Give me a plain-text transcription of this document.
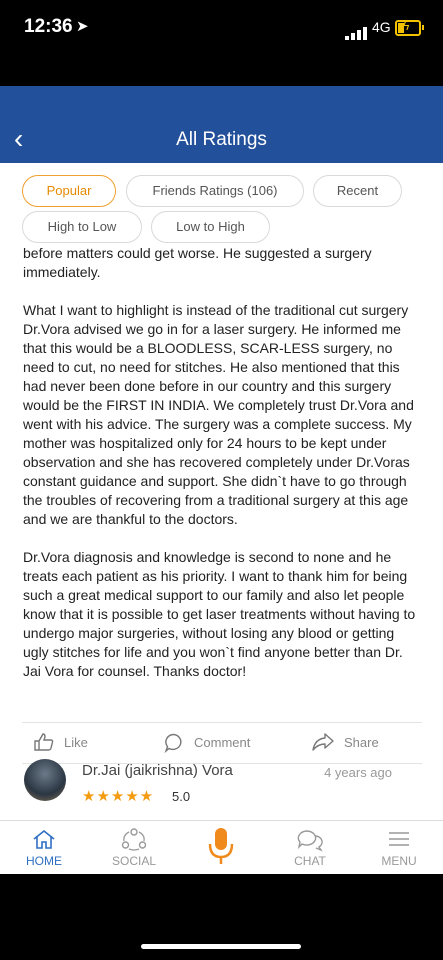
12:36 ➤	4G ϟ
‹	All Ratings
Popular	Friends Ratings (106)	Recent
High to Low	Low to High
before matters could get worse. He suggested a surgery

immediately.

What I want to highlight is instead of the traditional cut surgery Dr.Vora advised we go in for a laser surgery. He informed me that this would be a BLOODLESS, SCAR-LESS surgery, no need to cut, no need for stitches. He also mentioned that this had never been done before in our country and this surgery would be the FIRST IN INDIA. We completely trust Dr.Vora and went with his advice. The surgery was a complete success. My mother was hospitalized only for 24 hours to be kept under observation and she has recovered completely under Dr.Voras constant guidance and support. She didn`t have to go through the troubles of recovering from a traditional surgery at this age and we are thankful to the doctors.

Dr.Vora diagnosis and knowledge is second to none and he treats each patient as his priority. I want to thank him for being such a great medical support to our family and also let people know that it is possible to get laser treatments without having to undergo major surgeries, without losing any blood or getting ugly stitches for life and you won`t find anyone better than Dr. Jai Vora for counsel. Thanks doctor!

Like	Comment	Share
Dr.Jai (jaikrishna) Vora	4 years ago
★★★★★ 5.0
HOME	SOCIAL	CHAT	MENU
